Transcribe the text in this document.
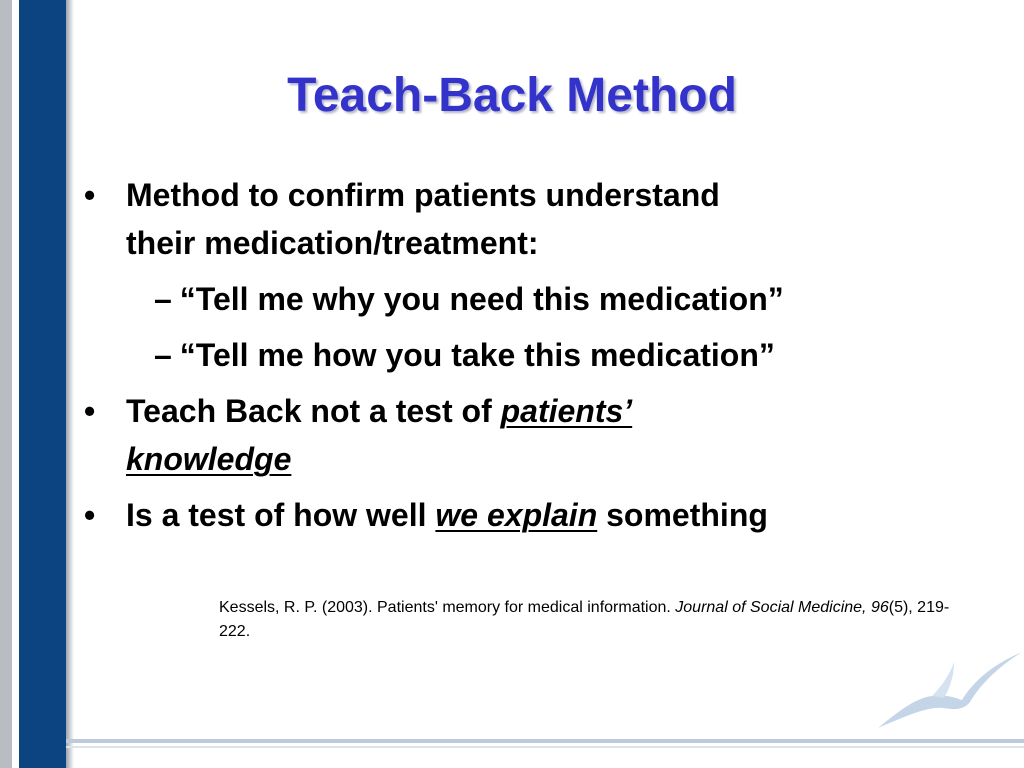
Teach-Back Method
• Method to confirm patients understand
their medication/treatment:
– “Tell me why you need this medication”
– “Tell me how you take this medication”
• Teach Back not a test of patients’
knowledge
• Is a test of how well we explain something
Kessels, R. P. (2003). Patients' memory for medical information. Journal of Social Medicine, 96(5), 219-222.
